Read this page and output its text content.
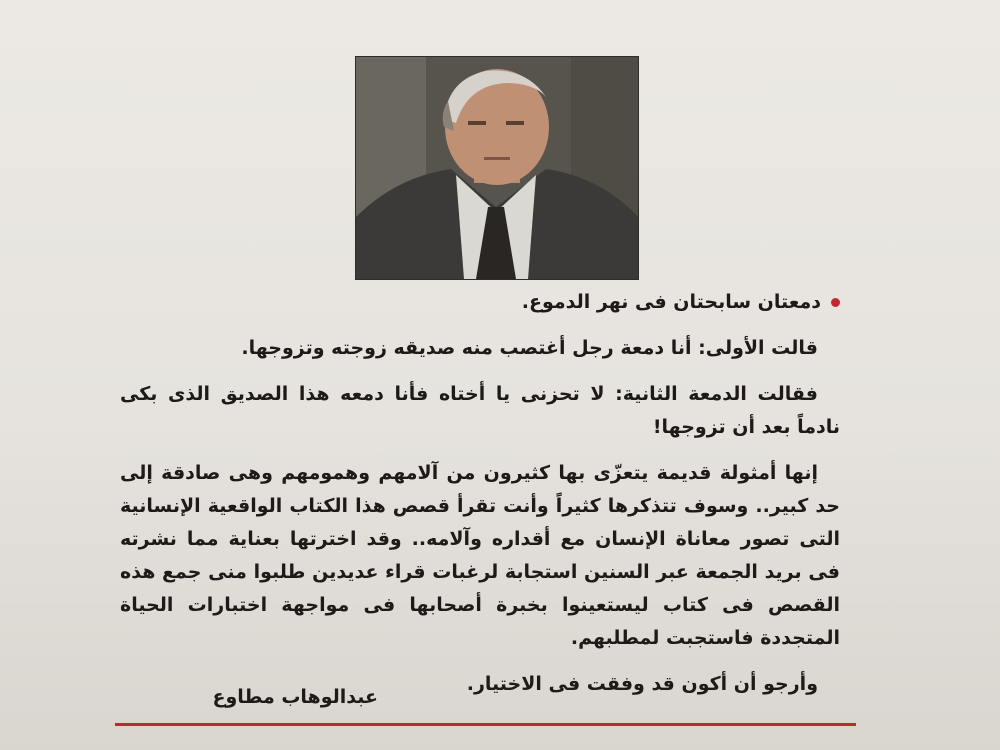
دمعتان سابحتان فى نهر الدموع.

قالت الأولى: أنا دمعة رجل أغتصب منه صديقه زوجته وتزوجها.

فقالت الدمعة الثانية: لا تحزنى يا أختاه فأنا دمعه هذا الصديق الذى بكى نادماً بعد أن تزوجها!

إنها أمثولة قديمة يتعزّى بها كثيرون من آلامهم وهمومهم وهى صادقة إلى حد كبير.. وسوف تتذكرها كثيراً وأنت تقرأ قصص هذا الكتاب الواقعية الإنسانية التى تصور معاناة الإنسان مع أقداره وآلامه.. وقد اخترتها بعناية مما نشرته فى بريد الجمعة عبر السنين استجابة لرغبات قراء عديدين طلبوا منى جمع هذه القصص فى كتاب ليستعينوا بخبرة أصحابها فى مواجهة اختبارات الحياة المتجددة فاستجبت لمطلبهم.

وأرجو أن أكون قد وفقت فى الاختيار.

عبدالوهاب مطاوع
